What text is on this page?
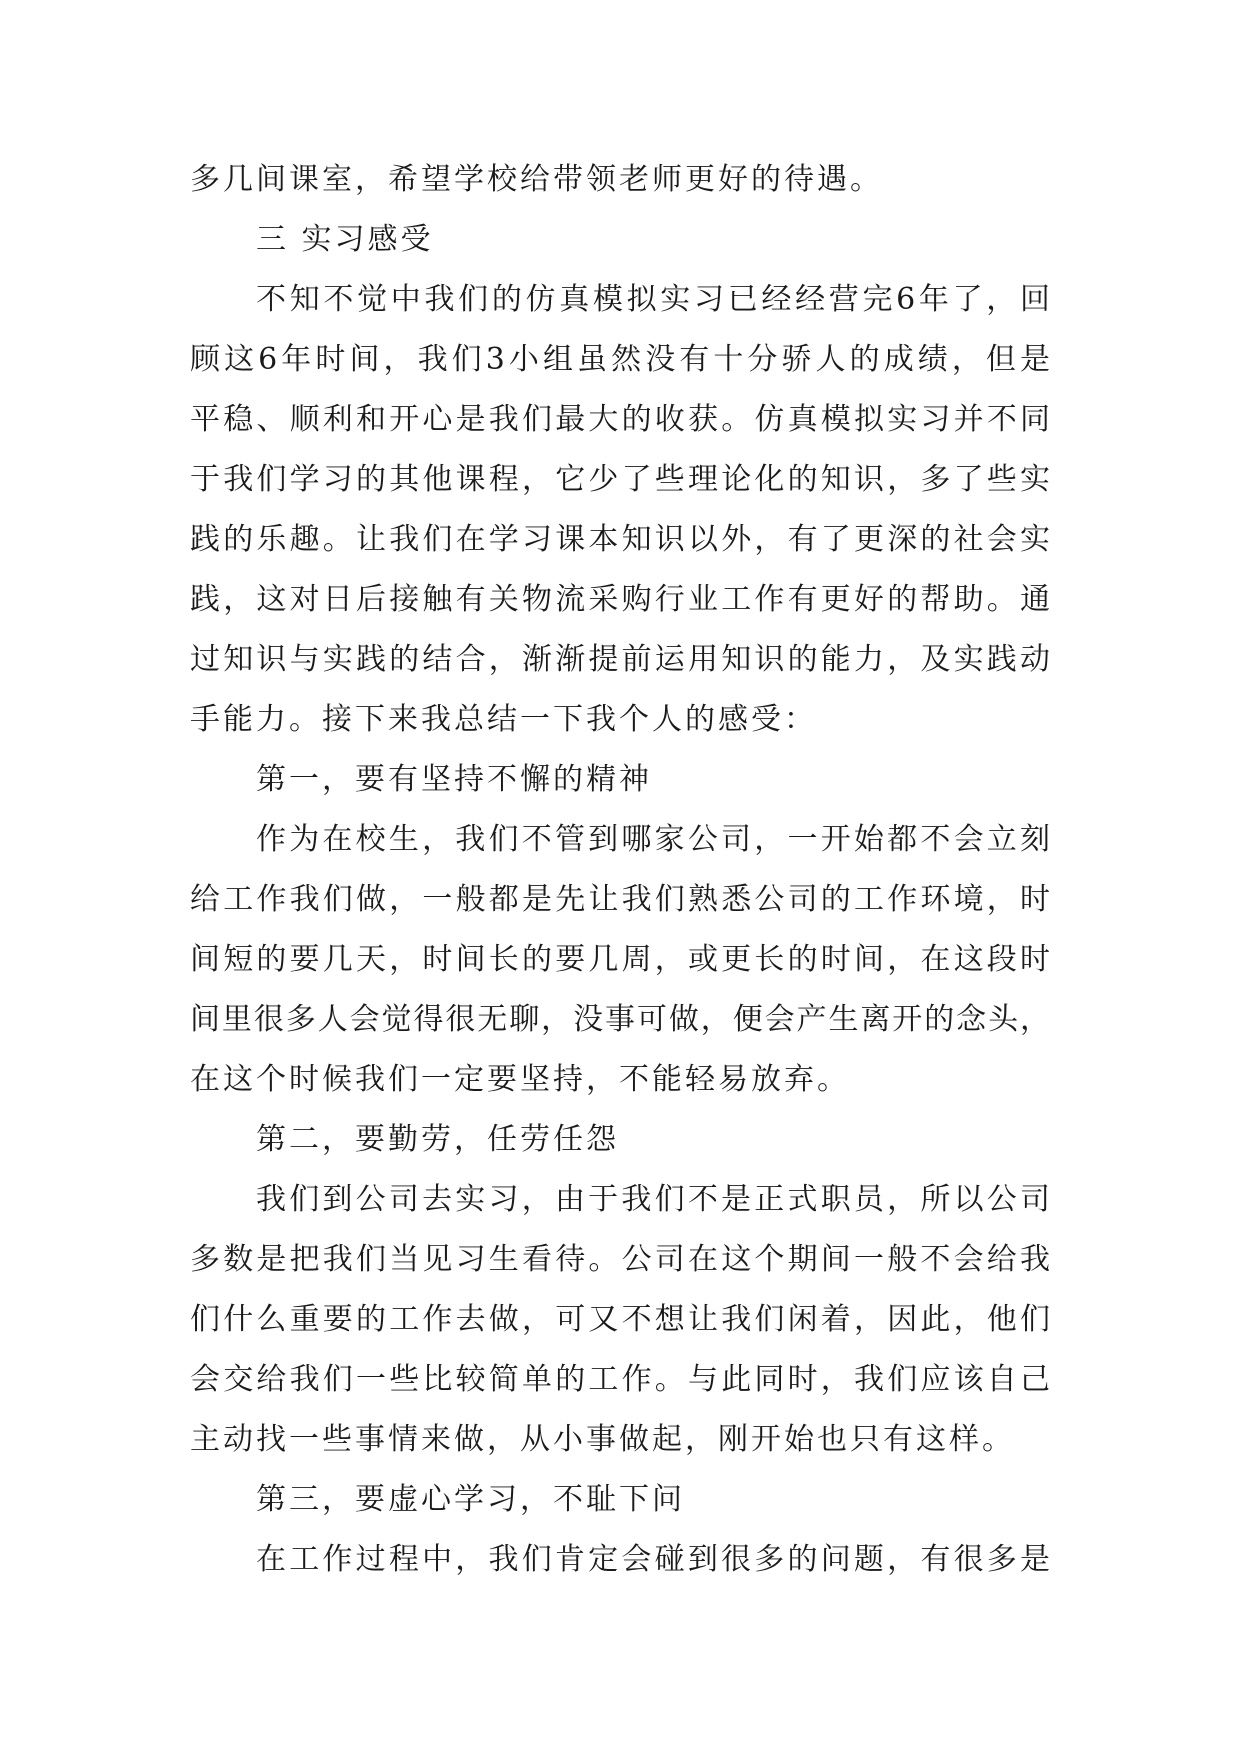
多几间课室，希望学校给带领老师更好的待遇。
三 实习感受
不知不觉中我们的仿真模拟实习已经经营完6年了，回
顾这6年时间，我们3小组虽然没有十分骄人的成绩，但是
平稳、顺利和开心是我们最大的收获。仿真模拟实习并不同
于我们学习的其他课程，它少了些理论化的知识，多了些实
践的乐趣。让我们在学习课本知识以外，有了更深的社会实
践，这对日后接触有关物流采购行业工作有更好的帮助。通
过知识与实践的结合，渐渐提前运用知识的能力，及实践动
手能力。接下来我总结一下我个人的感受：
第一，要有坚持不懈的精神
作为在校生，我们不管到哪家公司，一开始都不会立刻
给工作我们做，一般都是先让我们熟悉公司的工作环境，时
间短的要几天，时间长的要几周，或更长的时间，在这段时
间里很多人会觉得很无聊，没事可做，便会产生离开的念头，
在这个时候我们一定要坚持，不能轻易放弃。
第二，要勤劳，任劳任怨
我们到公司去实习，由于我们不是正式职员，所以公司
多数是把我们当见习生看待。公司在这个期间一般不会给我
们什么重要的工作去做，可又不想让我们闲着，因此，他们
会交给我们一些比较简单的工作。与此同时，我们应该自己
主动找一些事情来做，从小事做起，刚开始也只有这样。
第三，要虚心学习，不耻下问
在工作过程中，我们肯定会碰到很多的问题，有很多是
